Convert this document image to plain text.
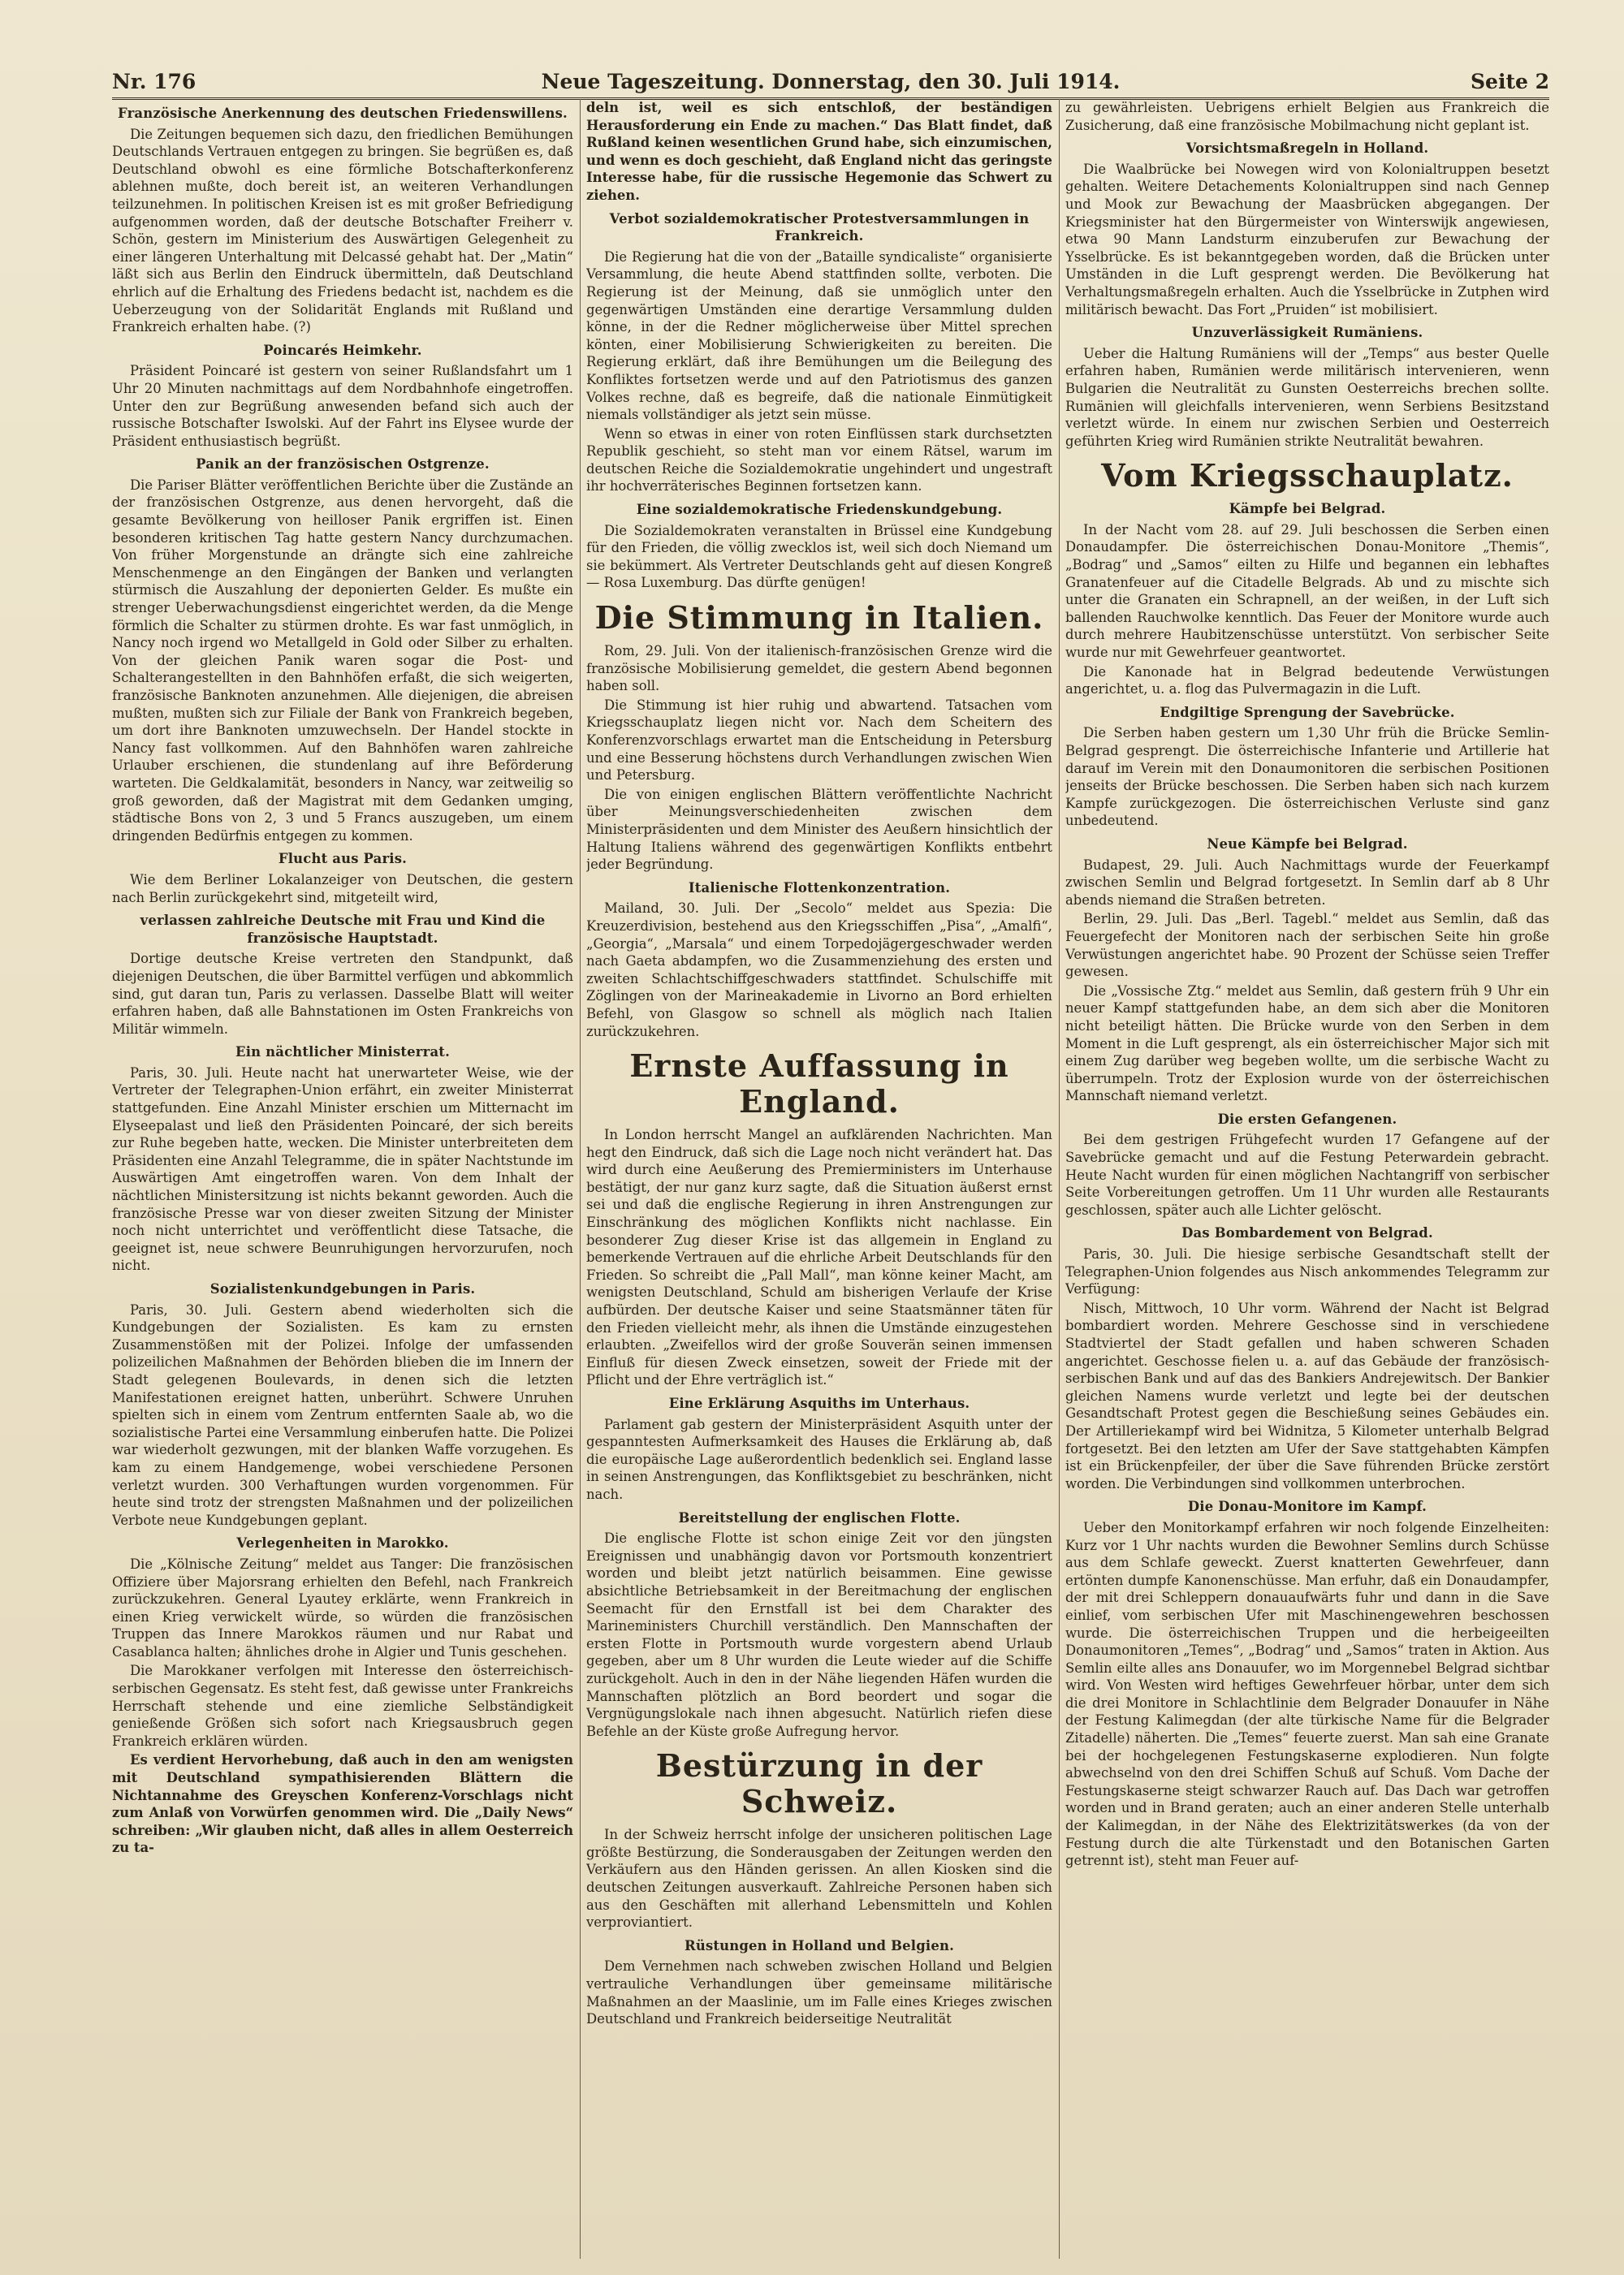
Nr. 176	Neue Tageszeitung. Donnerstag, den 30. Juli 1914.	Seite 2
Französische Anerkennung des deutschen Friedenswillens.

Die Zeitungen bequemen sich dazu, den friedlichen Bemühungen Deutschlands Vertrauen entgegen zu bringen. Sie begrüßen es, daß Deutschland obwohl es eine förmliche Botschafterkonferenz ablehnen mußte, doch bereit ist, an weiteren Verhandlungen teilzunehmen. In politischen Kreisen ist es mit großer Befriedigung aufgenommen worden, daß der deutsche Botschafter Freiherr v. Schön, gestern im Ministerium des Auswärtigen Gelegenheit zu einer längeren Unterhaltung mit Delcassé gehabt hat. Der „Matin“ läßt sich aus Berlin den Eindruck übermitteln, daß Deutschland ehrlich auf die Erhaltung des Friedens bedacht ist, nachdem es die Ueberzeugung von der Solidarität Englands mit Rußland und Frankreich erhalten habe. (?)

Poincarés Heimkehr.

Präsident Poincaré ist gestern von seiner Rußlandsfahrt um 1 Uhr 20 Minuten nachmittags auf dem Nordbahnhofe eingetroffen. Unter den zur Begrüßung anwesenden befand sich auch der russische Botschafter Iswolski. Auf der Fahrt ins Elysee wurde der Präsident enthusiastisch begrüßt.

Panik an der französischen Ostgrenze.

Die Pariser Blätter veröffentlichen Berichte über die Zustände an der französischen Ostgrenze, aus denen hervorgeht, daß die gesamte Bevölkerung von heilloser Panik ergriffen ist. Einen besonderen kritischen Tag hatte gestern Nancy durchzumachen. Von früher Morgenstunde an drängte sich eine zahlreiche Menschenmenge an den Eingängen der Banken und verlangten stürmisch die Auszahlung der deponierten Gelder. Es mußte ein strenger Ueberwachungsdienst eingerichtet werden, da die Menge förmlich die Schalter zu stürmen drohte. Es war fast unmöglich, in Nancy noch irgend wo Metallgeld in Gold oder Silber zu erhalten. Von der gleichen Panik waren sogar die Post- und Schalterangestellten in den Bahnhöfen erfaßt, die sich weigerten, französische Banknoten anzunehmen. Alle diejenigen, die abreisen mußten, mußten sich zur Filiale der Bank von Frankreich begeben, um dort ihre Banknoten umzuwechseln. Der Handel stockte in Nancy fast vollkommen. Auf den Bahnhöfen waren zahlreiche Urlauber erschienen, die stundenlang auf ihre Beförderung warteten. Die Geldkalamität, besonders in Nancy, war zeitweilig so groß geworden, daß der Magistrat mit dem Gedanken umging, städtische Bons von 2, 3 und 5 Francs auszugeben, um einem dringenden Bedürfnis entgegen zu kommen.

Flucht aus Paris.

Wie dem Berliner Lokalanzeiger von Deutschen, die gestern nach Berlin zurückgekehrt sind, mitgeteilt wird,

verlassen zahlreiche Deutsche mit Frau und Kind die französische Hauptstadt.

Dortige deutsche Kreise vertreten den Standpunkt, daß diejenigen Deutschen, die über Barmittel verfügen und abkommlich sind, gut daran tun, Paris zu verlassen. Dasselbe Blatt will weiter erfahren haben, daß alle Bahnstationen im Osten Frankreichs von Militär wimmeln.

Ein nächtlicher Ministerrat.

Paris, 30. Juli. Heute nacht hat unerwarteter Weise, wie der Vertreter der Telegraphen-Union erfährt, ein zweiter Ministerrat stattgefunden. Eine Anzahl Minister erschien um Mitternacht im Elyseepalast und ließ den Präsidenten Poincaré, der sich bereits zur Ruhe begeben hatte, wecken. Die Minister unterbreiteten dem Präsidenten eine Anzahl Telegramme, die in später Nachtstunde im Auswärtigen Amt eingetroffen waren. Von dem Inhalt der nächtlichen Ministersitzung ist nichts bekannt geworden. Auch die französische Presse war von dieser zweiten Sitzung der Minister noch nicht unterrichtet und veröffentlicht diese Tatsache, die geeignet ist, neue schwere Beunruhigungen hervorzurufen, noch nicht.

Sozialistenkundgebungen in Paris.

Paris, 30. Juli. Gestern abend wiederholten sich die Kundgebungen der Sozialisten. Es kam zu ernsten Zusammenstößen mit der Polizei. Infolge der umfassenden polizeilichen Maßnahmen der Behörden blieben die im Innern der Stadt gelegenen Boulevards, in denen sich die letzten Manifestationen ereignet hatten, unberührt. Schwere Unruhen spielten sich in einem vom Zentrum entfernten Saale ab, wo die sozialistische Partei eine Versammlung einberufen hatte. Die Polizei war wiederholt gezwungen, mit der blanken Waffe vorzugehen. Es kam zu einem Handgemenge, wobei verschiedene Personen verletzt wurden. 300 Verhaftungen wurden vorgenommen. Für heute sind trotz der strengsten Maßnahmen und der polizeilichen Verbote neue Kundgebungen geplant.

Verlegenheiten in Marokko.

Die „Kölnische Zeitung“ meldet aus Tanger: Die französischen Offiziere über Majorsrang erhielten den Befehl, nach Frankreich zurückzukehren. General Lyautey erklärte, wenn Frankreich in einen Krieg verwickelt würde, so würden die französischen Truppen das Innere Marokkos räumen und nur Rabat und Casablanca halten; ähnliches drohe in Algier und Tunis geschehen.

Die Marokkaner verfolgen mit Interesse den österreichisch-serbischen Gegensatz. Es steht fest, daß gewisse unter Frankreichs Herrschaft stehende und eine ziemliche Selbständigkeit genießende Größen sich sofort nach Kriegsausbruch gegen Frankreich erklären würden.

Es verdient Hervorhebung, daß auch in den am wenigsten mit Deutschland sympathisierenden Blättern die Nichtannahme des Greyschen Konferenz-Vorschlags nicht zum Anlaß von Vorwürfen genommen wird. Die „Daily News“ schreiben: „Wir glauben nicht, daß alles in allem Oesterreich zu ta-

deln ist, weil es sich entschloß, der beständigen Herausforderung ein Ende zu machen.“ Das Blatt findet, daß Rußland keinen wesentlichen Grund habe, sich einzumischen, und wenn es doch geschieht, daß England nicht das geringste Interesse habe, für die russische Hegemonie das Schwert zu ziehen.

Verbot sozialdemokratischer Protestversammlungen in Frankreich.

Die Regierung hat die von der „Bataille syndicaliste“ organisierte Versammlung, die heute Abend stattfinden sollte, verboten. Die Regierung ist der Meinung, daß sie unmöglich unter den gegenwärtigen Umständen eine derartige Versammlung dulden könne, in der die Redner möglicherweise über Mittel sprechen könten, einer Mobilisierung Schwierigkeiten zu bereiten. Die Regierung erklärt, daß ihre Bemühungen um die Beilegung des Konfliktes fortsetzen werde und auf den Patriotismus des ganzen Volkes rechne, daß es begreife, daß die nationale Einmütigkeit niemals vollständiger als jetzt sein müsse.

Wenn so etwas in einer von roten Einflüssen stark durchsetzten Republik geschieht, so steht man vor einem Rätsel, warum im deutschen Reiche die Sozialdemokratie ungehindert und ungestraft ihr hochverräterisches Beginnen fortsetzen kann.

Eine sozialdemokratische Friedenskundgebung.

Die Sozialdemokraten veranstalten in Brüssel eine Kundgebung für den Frieden, die völlig zwecklos ist, weil sich doch Niemand um sie bekümmert. Als Vertreter Deutschlands geht auf diesen Kongreß — Rosa Luxemburg. Das dürfte genügen!

Die Stimmung in Italien.

Rom, 29. Juli. Von der italienisch-französischen Grenze wird die französische Mobilisierung gemeldet, die gestern Abend begonnen haben soll.

Die Stimmung ist hier ruhig und abwartend. Tatsachen vom Kriegsschauplatz liegen nicht vor. Nach dem Scheitern des Konferenzvorschlags erwartet man die Entscheidung in Petersburg und eine Besserung höchstens durch Verhandlungen zwischen Wien und Petersburg.

Die von einigen englischen Blättern veröffentlichte Nachricht über Meinungsverschiedenheiten zwischen dem Ministerpräsidenten und dem Minister des Aeußern hinsichtlich der Haltung Italiens während des gegenwärtigen Konflikts entbehrt jeder Begründung.

Italienische Flottenkonzentration.

Mailand, 30. Juli. Der „Secolo“ meldet aus Spezia: Die Kreuzerdivision, bestehend aus den Kriegsschiffen „Pisa“, „Amalfi“, „Georgia“, „Marsala“ und einem Torpedojägergeschwader werden nach Gaeta abdampfen, wo die Zusammenziehung des ersten und zweiten Schlachtschiffgeschwaders stattfindet. Schulschiffe mit Zöglingen von der Marineakademie in Livorno an Bord erhielten Befehl, von Glasgow so schnell als möglich nach Italien zurückzukehren.

Ernste Auffassung in England.

In London herrscht Mangel an aufklärenden Nachrichten. Man hegt den Eindruck, daß sich die Lage noch nicht verändert hat. Das wird durch eine Aeußerung des Premierministers im Unterhause bestätigt, der nur ganz kurz sagte, daß die Situation äußerst ernst sei und daß die englische Regierung in ihren Anstrengungen zur Einschränkung des möglichen Konflikts nicht nachlasse. Ein besonderer Zug dieser Krise ist das allgemein in England zu bemerkende Vertrauen auf die ehrliche Arbeit Deutschlands für den Frieden. So schreibt die „Pall Mall“, man könne keiner Macht, am wenigsten Deutschland, Schuld am bisherigen Verlaufe der Krise aufbürden. Der deutsche Kaiser und seine Staatsmänner täten für den Frieden vielleicht mehr, als ihnen die Umstände einzugestehen erlaubten. „Zweifellos wird der große Souverän seinen immensen Einfluß für diesen Zweck einsetzen, soweit der Friede mit der Pflicht und der Ehre verträglich ist.“

Eine Erklärung Asquiths im Unterhaus.

Parlament gab gestern der Ministerpräsident Asquith unter der gespanntesten Aufmerksamkeit des Hauses die Erklärung ab, daß die europäische Lage außerordentlich bedenklich sei. England lasse in seinen Anstrengungen, das Konfliktsgebiet zu beschränken, nicht nach.

Bereitstellung der englischen Flotte.

Die englische Flotte ist schon einige Zeit vor den jüngsten Ereignissen und unabhängig davon vor Portsmouth konzentriert worden und bleibt jetzt natürlich beisammen. Eine gewisse absichtliche Betriebsamkeit in der Bereitmachung der englischen Seemacht für den Ernstfall ist bei dem Charakter des Marineministers Churchill verständlich. Den Mannschaften der ersten Flotte in Portsmouth wurde vorgestern abend Urlaub gegeben, aber um 8 Uhr wurden die Leute wieder auf die Schiffe zurückgeholt. Auch in den in der Nähe liegenden Häfen wurden die Mannschaften plötzlich an Bord beordert und sogar die Vergnügungslokale nach ihnen abgesucht. Natürlich riefen diese Befehle an der Küste große Aufregung hervor.

Bestürzung in der Schweiz.

In der Schweiz herrscht infolge der unsicheren politischen Lage größte Bestürzung, die Sonderausgaben der Zeitungen werden den Verkäufern aus den Händen gerissen. An allen Kiosken sind die deutschen Zeitungen ausverkauft. Zahlreiche Personen haben sich aus den Geschäften mit allerhand Lebensmitteln und Kohlen verproviantiert.

Rüstungen in Holland und Belgien.

Dem Vernehmen nach schweben zwischen Holland und Belgien vertrauliche Verhandlungen über gemeinsame militärische Maßnahmen an der Maaslinie, um im Falle eines Krieges zwischen Deutschland und Frankreich beiderseitige Neutralität

zu gewährleisten. Uebrigens erhielt Belgien aus Frankreich die Zusicherung, daß eine französische Mobilmachung nicht geplant ist.

Vorsichtsmaßregeln in Holland.

Die Waalbrücke bei Nowegen wird von Kolonialtruppen besetzt gehalten. Weitere Detachements Kolonialtruppen sind nach Gennep und Mook zur Bewachung der Maasbrücken abgegangen. Der Kriegsminister hat den Bürgermeister von Winterswijk angewiesen, etwa 90 Mann Landsturm einzuberufen zur Bewachung der Ysselbrücke. Es ist bekanntgegeben worden, daß die Brücken unter Umständen in die Luft gesprengt werden. Die Bevölkerung hat Verhaltungsmaßregeln erhalten. Auch die Ysselbrücke in Zutphen wird militärisch bewacht. Das Fort „Pruiden“ ist mobilisiert.

Unzuverlässigkeit Rumäniens.

Ueber die Haltung Rumäniens will der „Temps“ aus bester Quelle erfahren haben, Rumänien werde militärisch intervenieren, wenn Bulgarien die Neutralität zu Gunsten Oesterreichs brechen sollte. Rumänien will gleichfalls intervenieren, wenn Serbiens Besitzstand verletzt würde. In einem nur zwischen Serbien und Oesterreich geführten Krieg wird Rumänien strikte Neutralität bewahren.

Vom Kriegsschauplatz.
Kämpfe bei Belgrad.

In der Nacht vom 28. auf 29. Juli beschossen die Serben einen Donaudampfer. Die österreichischen Donau-Monitore „Themis“, „Bodrag“ und „Samos“ eilten zu Hilfe und begannen ein lebhaftes Granatenfeuer auf die Citadelle Belgrads. Ab und zu mischte sich unter die Granaten ein Schrapnell, an der weißen, in der Luft sich ballenden Rauchwolke kenntlich. Das Feuer der Monitore wurde auch durch mehrere Haubitzenschüsse unterstützt. Von serbischer Seite wurde nur mit Gewehrfeuer geantwortet.

Die Kanonade hat in Belgrad bedeutende Verwüstungen angerichtet, u. a. flog das Pulvermagazin in die Luft.

Endgiltige Sprengung der Savebrücke.

Die Serben haben gestern um 1,30 Uhr früh die Brücke Semlin-Belgrad gesprengt. Die österreichische Infanterie und Artillerie hat darauf im Verein mit den Donaumonitoren die serbischen Positionen jenseits der Brücke beschossen. Die Serben haben sich nach kurzem Kampfe zurückgezogen. Die österreichischen Verluste sind ganz unbedeutend.

Neue Kämpfe bei Belgrad.

Budapest, 29. Juli. Auch Nachmittags wurde der Feuerkampf zwischen Semlin und Belgrad fortgesetzt. In Semlin darf ab 8 Uhr abends niemand die Straßen betreten.

Berlin, 29. Juli. Das „Berl. Tagebl.“ meldet aus Semlin, daß das Feuergefecht der Monitoren nach der serbischen Seite hin große Verwüstungen angerichtet habe. 90 Prozent der Schüsse seien Treffer gewesen.

Die „Vossische Ztg.“ meldet aus Semlin, daß gestern früh 9 Uhr ein neuer Kampf stattgefunden habe, an dem sich aber die Monitoren nicht beteiligt hätten. Die Brücke wurde von den Serben in dem Moment in die Luft gesprengt, als ein österreichischer Major sich mit einem Zug darüber weg begeben wollte, um die serbische Wacht zu überrumpeln. Trotz der Explosion wurde von der österreichischen Mannschaft niemand verletzt.

Die ersten Gefangenen.

Bei dem gestrigen Frühgefecht wurden 17 Gefangene auf der Savebrücke gemacht und auf die Festung Peterwardein gebracht. Heute Nacht wurden für einen möglichen Nachtangriff von serbischer Seite Vorbereitungen getroffen. Um 11 Uhr wurden alle Restaurants geschlossen, später auch alle Lichter gelöscht.

Das Bombardement von Belgrad.

Paris, 30. Juli. Die hiesige serbische Gesandtschaft stellt der Telegraphen-Union folgendes aus Nisch ankommendes Telegramm zur Verfügung:

Nisch, Mittwoch, 10 Uhr vorm. Während der Nacht ist Belgrad bombardiert worden. Mehrere Geschosse sind in verschiedene Stadtviertel der Stadt gefallen und haben schweren Schaden angerichtet. Geschosse fielen u. a. auf das Gebäude der französisch-serbischen Bank und auf das des Bankiers Andrejewitsch. Der Bankier gleichen Namens wurde verletzt und legte bei der deutschen Gesandtschaft Protest gegen die Beschießung seines Gebäudes ein. Der Artilleriekampf wird bei Widnitza, 5 Kilometer unterhalb Belgrad fortgesetzt. Bei den letzten am Ufer der Save stattgehabten Kämpfen ist ein Brückenpfeiler, der über die Save führenden Brücke zerstört worden. Die Verbindungen sind vollkommen unterbrochen.

Die Donau-Monitore im Kampf.

Ueber den Monitorkampf erfahren wir noch folgende Einzelheiten: Kurz vor 1 Uhr nachts wurden die Bewohner Semlins durch Schüsse aus dem Schlafe geweckt. Zuerst knatterten Gewehrfeuer, dann ertönten dumpfe Kanonenschüsse. Man erfuhr, daß ein Donaudampfer, der mit drei Schleppern donauaufwärts fuhr und dann in die Save einlief, vom serbischen Ufer mit Maschinengewehren beschossen wurde. Die österreichischen Truppen und die herbeigeeilten Donaumonitoren „Temes“, „Bodrag“ und „Samos“ traten in Aktion. Aus Semlin eilte alles ans Donauufer, wo im Morgennebel Belgrad sichtbar wird. Von Westen wird heftiges Gewehrfeuer hörbar, unter dem sich die drei Monitore in Schlachtlinie dem Belgrader Donauufer in Nähe der Festung Kalimegdan (der alte türkische Name für die Belgrader Zitadelle) näherten. Die „Temes“ feuerte zuerst. Man sah eine Granate bei der hochgelegenen Festungskaserne explodieren. Nun folgte abwechselnd von den drei Schiffen Schuß auf Schuß. Vom Dache der Festungskaserne steigt schwarzer Rauch auf. Das Dach war getroffen worden und in Brand geraten; auch an einer anderen Stelle unterhalb der Kalimegdan, in der Nähe des Elektrizitätswerkes (da von der Festung durch die alte Türkenstadt und den Botanischen Garten getrennt ist), steht man Feuer auf-
